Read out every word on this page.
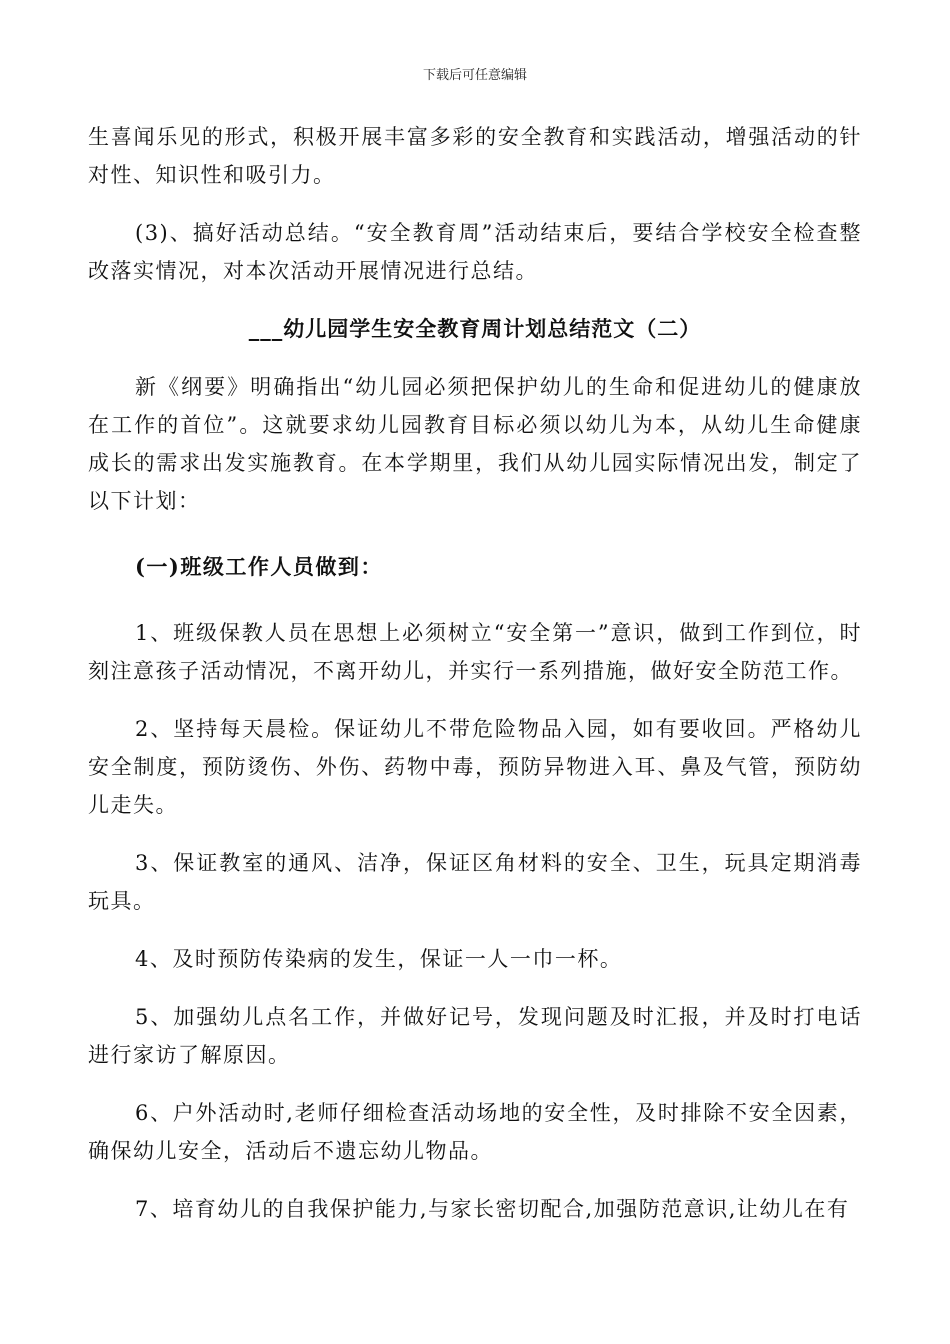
下载后可任意编辑

生喜闻乐见的形式，积极开展丰富多彩的安全教育和实践活动，增强活动的针对性、知识性和吸引力。

(3)、搞好活动总结。“安全教育周”活动结束后，要结合学校安全检查整改落实情况，对本次活动开展情况进行总结。

___幼儿园学生安全教育周计划总结范文（二）

新《纲要》明确指出“幼儿园必须把保护幼儿的生命和促进幼儿的健康放在工作的首位”。这就要求幼儿园教育目标必须以幼儿为本，从幼儿生命健康成长的需求出发实施教育。在本学期里，我们从幼儿园实际情况出发，制定了以下计划：

(一)班级工作人员做到：

1、班级保教人员在思想上必须树立“安全第一”意识，做到工作到位，时刻注意孩子活动情况，不离开幼儿，并实行一系列措施，做好安全防范工作。

2、坚持每天晨检。保证幼儿不带危险物品入园，如有要收回。严格幼儿安全制度，预防烫伤、外伤、药物中毒，预防异物进入耳、鼻及气管，预防幼儿走失。

3、保证教室的通风、洁净，保证区角材料的安全、卫生，玩具定期消毒玩具。

4、及时预防传染病的发生，保证一人一巾一杯。

5、加强幼儿点名工作，并做好记号，发现问题及时汇报，并及时打电话进行家访了解原因。

6、户外活动时,老师仔细检查活动场地的安全性，及时排除不安全因素，确保幼儿安全，活动后不遗忘幼儿物品。

7、培育幼儿的自我保护能力,与家长密切配合,加强防范意识,让幼儿在有
